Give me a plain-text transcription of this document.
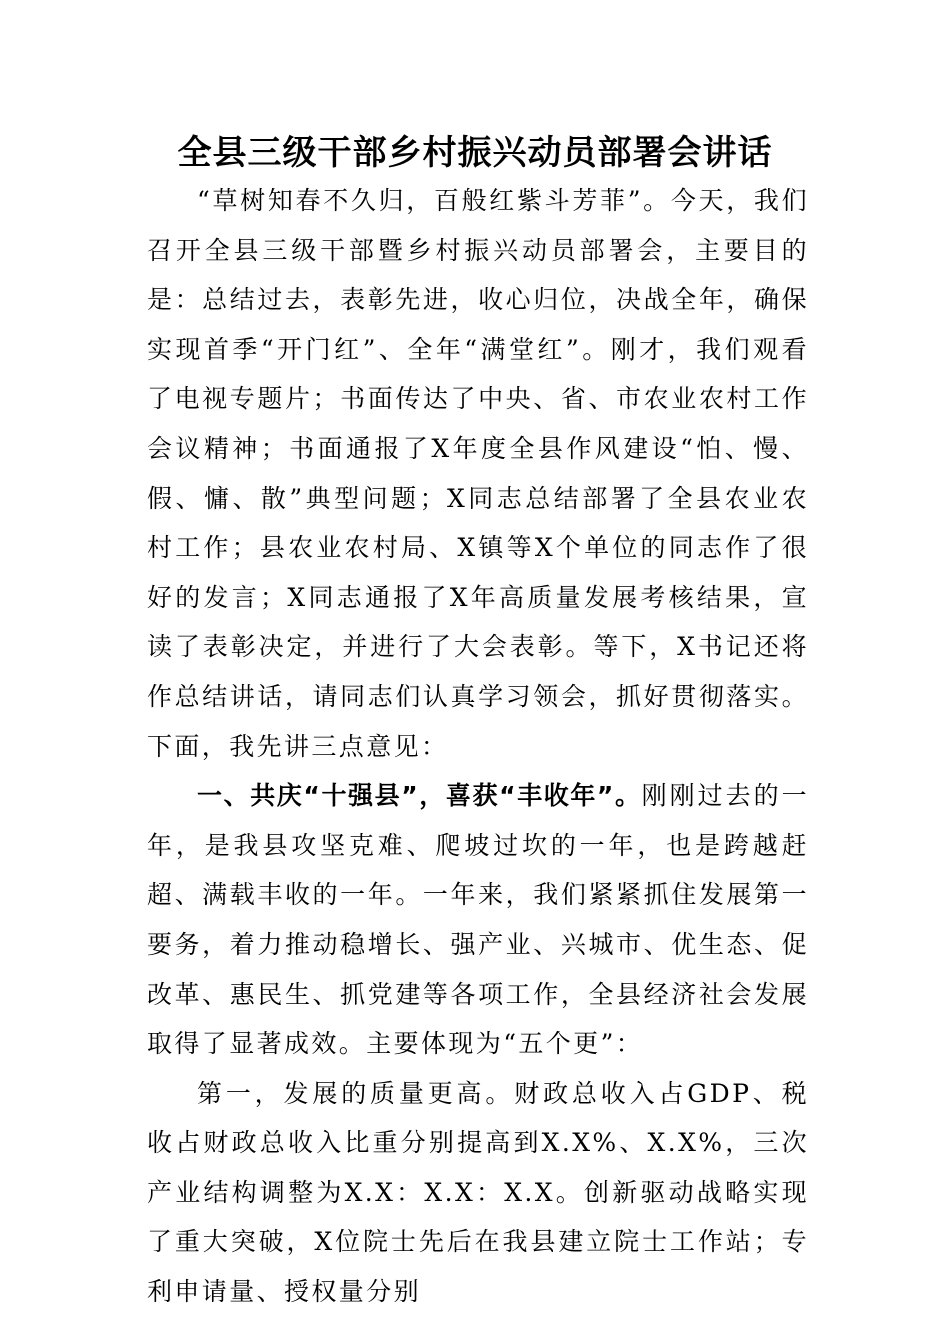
全县三级干部乡村振兴动员部署会讲话

“草树知春不久归，百般红紫斗芳菲”。今天，我们召开全县三级干部暨乡村振兴动员部署会，主要目的是：总结过去，表彰先进，收心归位，决战全年，确保实现首季“开门红”、全年“满堂红”。刚才，我们观看了电视专题片；书面传达了中央、省、市农业农村工作会议精神；书面通报了X年度全县作风建设“怕、慢、假、慵、散”典型问题；X同志总结部署了全县农业农村工作；县农业农村局、X镇等X个单位的同志作了很好的发言；X同志通报了X年高质量发展考核结果，宣读了表彰决定，并进行了大会表彰。等下，X书记还将作总结讲话，请同志们认真学习领会，抓好贯彻落实。下面，我先讲三点意见：

一、共庆“十强县”，喜获“丰收年”。刚刚过去的一年，是我县攻坚克难、爬坡过坎的一年，也是跨越赶超、满载丰收的一年。一年来，我们紧紧抓住发展第一要务，着力推动稳增长、强产业、兴城市、优生态、促改革、惠民生、抓党建等各项工作，全县经济社会发展取得了显著成效。主要体现为“五个更”：

第一，发展的质量更高。财政总收入占GDP、税收占财政总收入比重分别提高到X.X%、X.X%，三次产业结构调整为X.X：X.X：X.X。创新驱动战略实现了重大突破，X位院士先后在我县建立院士工作站；专利申请量、授权量分别
